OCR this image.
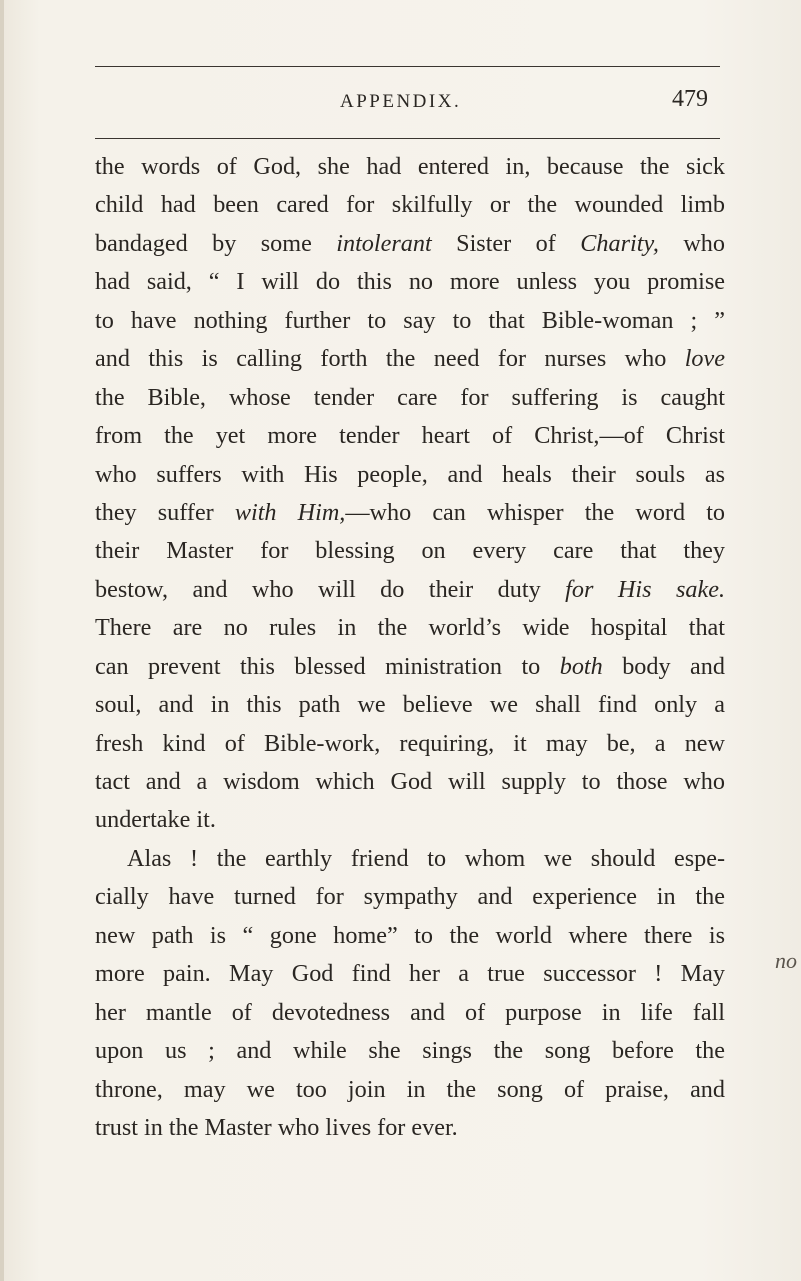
APPENDIX.	479
the words of God, she had entered in, because the sick
child had been cared for skilfully or the wounded limb
bandaged by some intolerant Sister of Charity, who
had said, “ I will do this no more unless you promise
to have nothing further to say to that Bible-woman ; ”
and this is calling forth the need for nurses who love
the Bible, whose tender care for suffering is caught
from the yet more tender heart of Christ,—of Christ
who suffers with His people, and heals their souls as
they suffer with Him,—who can whisper the word to
their Master for blessing on every care that they
bestow, and who will do their duty for His sake.
There are no rules in the world’s wide hospital that
can prevent this blessed ministration to both body and
soul, and in this path we believe we shall find only a
fresh kind of Bible-work, requiring, it may be, a new
tact and a wisdom which God will supply to those who
undertake it.
Alas ! the earthly friend to whom we should espe-
cially have turned for sympathy and experience in the
new path is “ gone home” to the world where there is
more pain. May God find her a true successor ! May
her mantle of devotedness and of purpose in life fall
upon us ; and while she sings the song before the
throne, may we too join in the song of praise, and
trust in the Master who lives for ever.
no
